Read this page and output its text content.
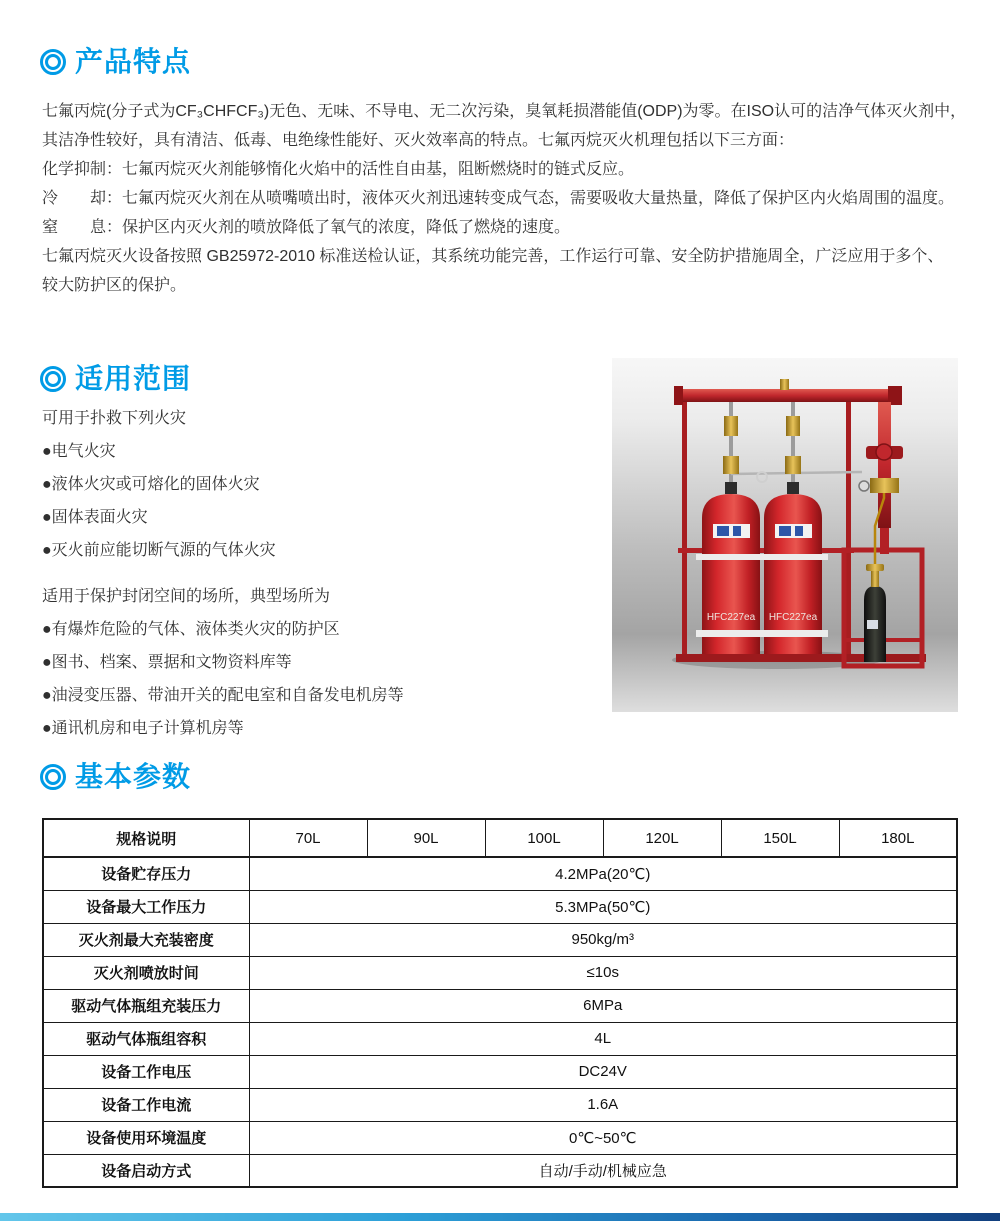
产品特点
七氟丙烷(分子式为CF₃CHFCF₃)无色、无味、不导电、无二次污染，臭氧耗损潜能值(ODP)为零。在ISO认可的洁净气体灭火剂中，
其洁净性较好，具有清洁、低毒、电绝缘性能好、灭火效率高的特点。七氟丙烷灭火机理包括以下三方面：
化学抑制：七氟丙烷灭火剂能够惰化火焰中的活性自由基，阻断燃烧时的链式反应。
冷　　却：七氟丙烷灭火剂在从喷嘴喷出时，液体灭火剂迅速转变成气态，需要吸收大量热量，降低了保护区内火焰周围的温度。
窒　　息：保护区内灭火剂的喷放降低了氧气的浓度，降低了燃烧的速度。
七氟丙烷灭火设备按照 GB25972-2010 标准送检认证，其系统功能完善，工作运行可靠、安全防护措施周全，广泛应用于多个、
较大防护区的保护。
适用范围
可用于扑救下列火灾
●电气火灾
●液体火灾或可熔化的固体火灾
●固体表面火灾
●灭火前应能切断气源的气体火灾
适用于保护封闭空间的场所，典型场所为
●有爆炸危险的气体、液体类火灾的防护区
●图书、档案、票据和文物资料库等
●油浸变压器、带油开关的配电室和自备发电机房等
●通讯机房和电子计算机房等
HFC227ea HFC227ea
基本参数
规格说明	70L	90L	100L	120L	150L	180L
设备贮存压力	4.2MPa(20℃)					
设备最大工作压力	5.3MPa(50℃)					
灭火剂最大充装密度	950kg/m³					
灭火剂喷放时间	≤10s					
驱动气体瓶组充装压力	6MPa					
驱动气体瓶组容积	4L					
设备工作电压	DC24V					
设备工作电流	1.6A					
设备使用环境温度	0℃~50℃					
设备启动方式	自动/手动/机械应急					
